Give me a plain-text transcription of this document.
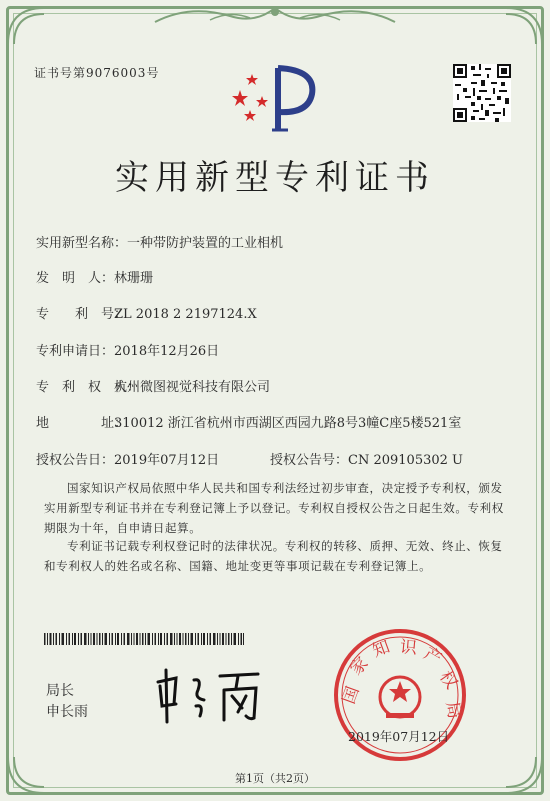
证书号第9076003号
实用新型专利证书
实用新型名称：一种带防护装置的工业相机
发　明　人：林珊珊
专　　利　号：ZL 2018 2 2197124.X
专利申请日：2018年12月26日
专　利　权　人：杭州微图视觉科技有限公司
地　　　　址：310012 浙江省杭州市西湖区西园九路8号3幢C座5楼521室
授权公告日：2019年07月12日	授权公告号：CN 209105302 U
国家知识产权局依照中华人民共和国专利法经过初步审查，决定授予专利权，颁发实用新型专利证书并在专利登记簿上予以登记。专利权自授权公告之日起生效。专利权期限为十年，自申请日起算。
专利证书记载专利权登记时的法律状况。专利权的转移、质押、无效、终止、恢复和专利权人的姓名或名称、国籍、地址变更等事项记载在专利登记簿上。
局长
申长雨
国
家
知 识 产
权
局
2019年07月12日
第1页（共2页）
